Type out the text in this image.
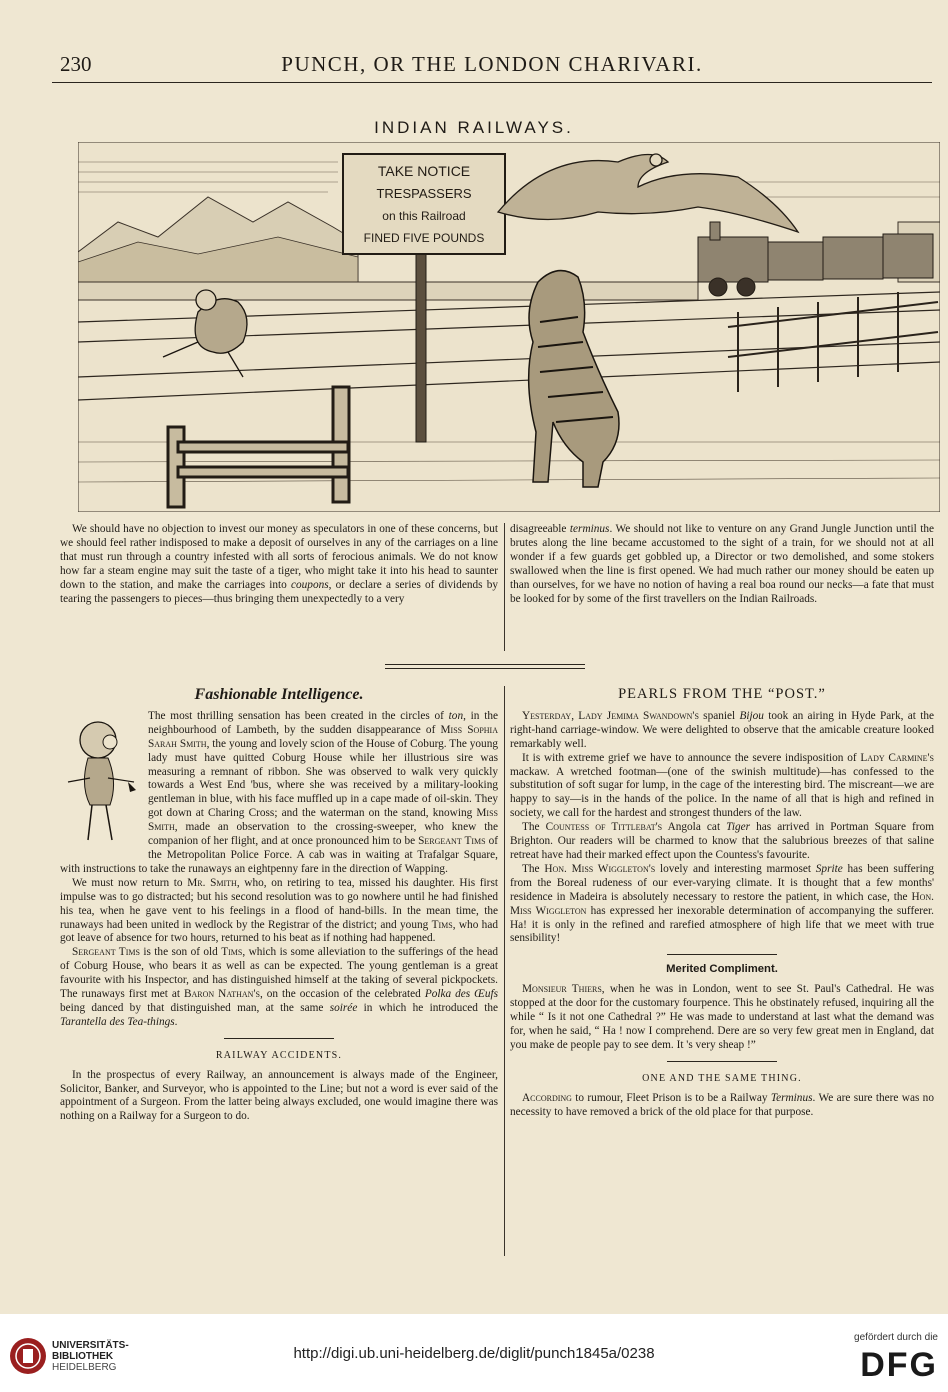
230	PUNCH, OR THE LONDON CHARIVARI.
INDIAN RAILWAYS.
TAKE NOTICE
TRESPASSERS
on this Railroad
FINED FIVE POUNDS

We should have no objection to invest our money as speculators in one of these concerns, but we should feel rather indisposed to make a deposit of ourselves in any of the carriages on a line that must run through a country infested with all sorts of ferocious animals. We do not know how far a steam engine may suit the taste of a tiger, who might take it into his head to saunter down to the station, and make the carriages into coupons, or declare a series of dividends by tearing the passengers to pieces—thus bringing them unexpectedly to a very

disagreeable terminus. We should not like to venture on any Grand Jungle Junction until the brutes along the line became accustomed to the sight of a train, for we should not at all wonder if a few guards get gobbled up, a Director or two demolished, and some stokers swallowed when the line is first opened. We had much rather our money should be eaten up than ourselves, for we have no notion of having a real boa round our necks—a fate that must be looked for by some of the first travellers on the Indian Railroads.

Fashionable Intelligence.

The most thrilling sensation has been created in the circles of ton, in the neighbourhood of Lambeth, by the sudden disappearance of Miss Sophia Sarah Smith, the young and lovely scion of the House of Coburg. The young lady must have quitted Coburg House while her illustrious sire was measuring a remnant of ribbon. She was observed to walk very quickly towards a West End 'bus, where she was received by a military-looking gentleman in blue, with his face muffled up in a cape made of oil-skin. They got down at Charing Cross; and the waterman on the stand, knowing Miss Smith, made an observation to the crossing-sweeper, who knew the companion of her flight, and at once pronounced him to be Sergeant Tims of the Metropolitan Police Force. A cab was in waiting at Trafalgar Square, with instructions to take the runaways an eightpenny fare in the direction of Wapping.

We must now return to Mr. Smith, who, on retiring to tea, missed his daughter. His first impulse was to go distracted; but his second resolution was to go nowhere until he had finished his tea, when he gave vent to his feelings in a flood of hand-bills. In the mean time, the runaways had been united in wedlock by the Registrar of the district; and young Tims, who had got leave of absence for two hours, returned to his beat as if nothing had happened.

Sergeant Tims is the son of old Tims, which is some alleviation to the sufferings of the head of Coburg House, who bears it as well as can be expected. The young gentleman is a great favourite with his Inspector, and has distinguished himself at the taking of several pickpockets. The runaways first met at Baron Nathan's, on the occasion of the celebrated Polka des Œufs being danced by that distinguished man, at the same soirée in which he introduced the Tarantella des Tea-things.

RAILWAY ACCIDENTS.

In the prospectus of every Railway, an announcement is always made of the Engineer, Solicitor, Banker, and Surveyor, who is appointed to the Line; but not a word is ever said of the appointment of a Surgeon. From the latter being always excluded, one would imagine there was nothing on a Railway for a Surgeon to do.

PEARLS FROM THE “POST.”

Yesterday, Lady Jemima Swandown's spaniel Bijou took an airing in Hyde Park, at the right-hand carriage-window. We were delighted to observe that the amicable creature looked remarkably well.

It is with extreme grief we have to announce the severe indisposition of Lady Carmine's mackaw. A wretched footman—(one of the swinish multitude)—has confessed to the substitution of soft sugar for lump, in the cage of the interesting bird. The miscreant—we are happy to say—is in the hands of the police. In the name of all that is high and refined in society, we call for the hardest and strongest thunders of the law.

The Countess of Tittlebat's Angola cat Tiger has arrived in Portman Square from Brighton. Our readers will be charmed to know that the salubrious breezes of that saline retreat have had their marked effect upon the Countess's favourite.

The Hon. Miss Wiggleton's lovely and interesting marmoset Sprite has been suffering from the Boreal rudeness of our ever-varying climate. It is thought that a few months' residence in Madeira is absolutely necessary to restore the patient, in which case, the Hon. Miss Wiggleton has expressed her inexorable determination of accompanying the sufferer. Ha! it is only in the refined and rarefied atmosphere of high life that we meet with true sensibility!

Merited Compliment.

Monsieur Thiers, when he was in London, went to see St. Paul's Cathedral. He was stopped at the door for the customary fourpence. This he obstinately refused, inquiring all the while “ Is it not one Cathedral ?” He was made to understand at last what the demand was for, when he said, “ Ha ! now I comprehend. Dere are so very few great men in England, dat you make de people pay to see dem. It 's very sheap !”

ONE AND THE SAME THING.

According to rumour, Fleet Prison is to be a Railway Terminus. We are sure there was no necessity to have removed a brick of the old place for that purpose.

UNIVERSITÄTS-
BIBLIOTHEK
HEIDELBERG
http://digi.ub.uni-heidelberg.de/diglit/punch1845a/0238
gefördert durch die
DFG
